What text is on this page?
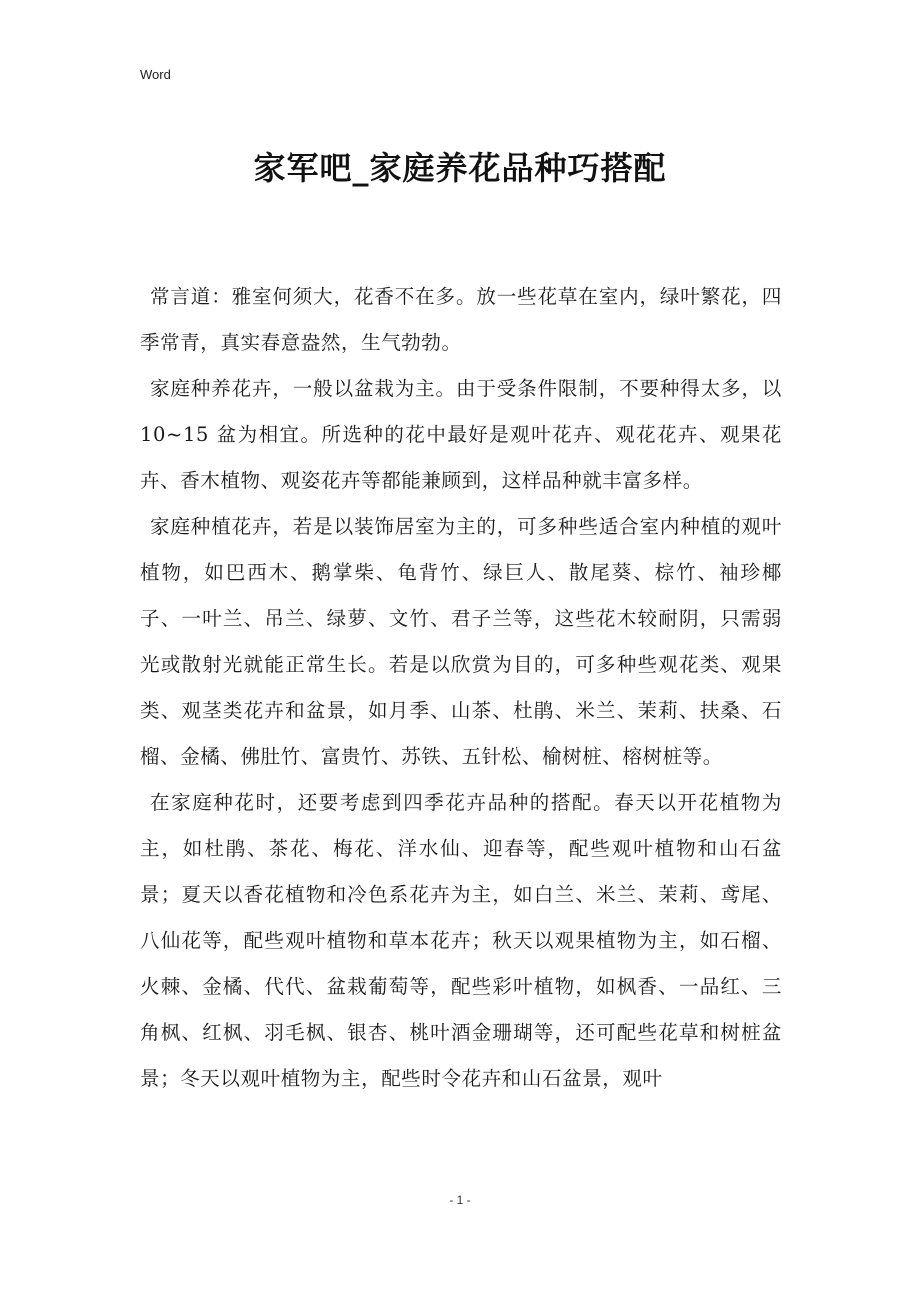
Word
家军吧_家庭养花品种巧搭配

常言道：雅室何须大，花香不在多。放一些花草在室内，绿叶繁花，四季常青，真实春意盎然，生气勃勃。

家庭种养花卉，一般以盆栽为主。由于受条件限制，不要种得太多，以 10~15 盆为相宜。所选种的花中最好是观叶花卉、观花花卉、观果花卉、香木植物、观姿花卉等都能兼顾到，这样品种就丰富多样。

家庭种植花卉，若是以装饰居室为主的，可多种些适合室内种植的观叶植物，如巴西木、鹅掌柴、龟背竹、绿巨人、散尾葵、棕竹、袖珍椰子、一叶兰、吊兰、绿萝、文竹、君子兰等，这些花木较耐阴，只需弱光或散射光就能正常生长。若是以欣赏为目的，可多种些观花类、观果类、观茎类花卉和盆景，如月季、山茶、杜鹃、米兰、茉莉、扶桑、石榴、金橘、佛肚竹、富贵竹、苏铁、五针松、榆树桩、榕树桩等。

在家庭种花时，还要考虑到四季花卉品种的搭配。春天以开花植物为主，如杜鹃、茶花、梅花、洋水仙、迎春等，配些观叶植物和山石盆景；夏天以香花植物和冷色系花卉为主，如白兰、米兰、茉莉、鸢尾、八仙花等，配些观叶植物和草本花卉；秋天以观果植物为主，如石榴、火棘、金橘、代代、盆栽葡萄等，配些彩叶植物，如枫香、一品红、三角枫、红枫、羽毛枫、银杏、桃叶酒金珊瑚等，还可配些花草和树桩盆景；冬天以观叶植物为主，配些时令花卉和山石盆景，观叶

- 1 -
